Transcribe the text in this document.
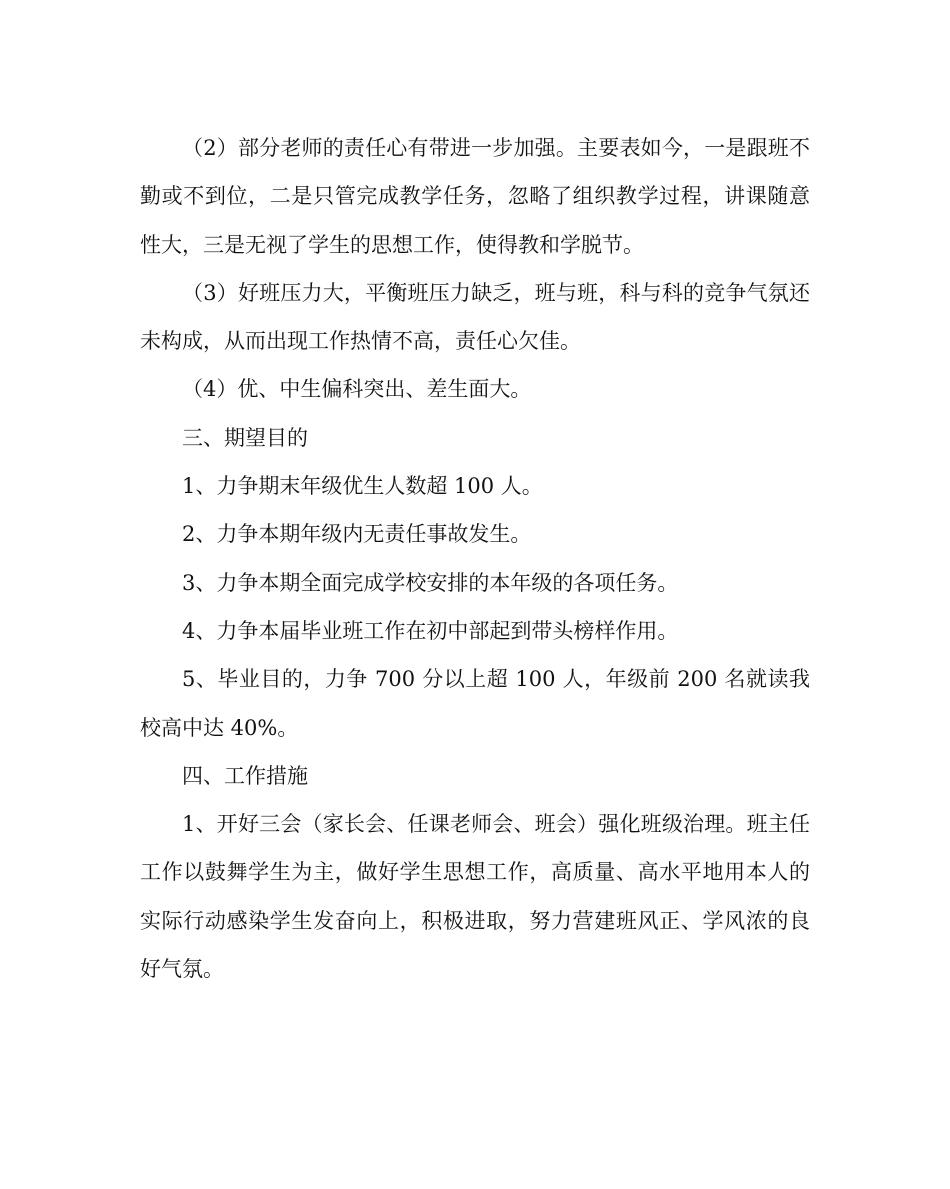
（2）部分老师的责任心有带进一步加强。主要表如今，一是跟班不勤或不到位，二是只管完成教学任务，忽略了组织教学过程，讲课随意性大，三是无视了学生的思想工作，使得教和学脱节。

（3）好班压力大，平衡班压力缺乏，班与班，科与科的竞争气氛还未构成，从而出现工作热情不高，责任心欠佳。

（4）优、中生偏科突出、差生面大。

三、期望目的

1、力争期末年级优生人数超 100 人。

2、力争本期年级内无责任事故发生。

3、力争本期全面完成学校安排的本年级的各项任务。

4、力争本届毕业班工作在初中部起到带头榜样作用。

5、毕业目的，力争 700 分以上超 100 人，年级前 200 名就读我校高中达 40%。

四、工作措施

1、开好三会（家长会、任课老师会、班会）强化班级治理。班主任工作以鼓舞学生为主，做好学生思想工作，高质量、高水平地用本人的实际行动感染学生发奋向上，积极进取，努力营建班风正、学风浓的良好气氛。
